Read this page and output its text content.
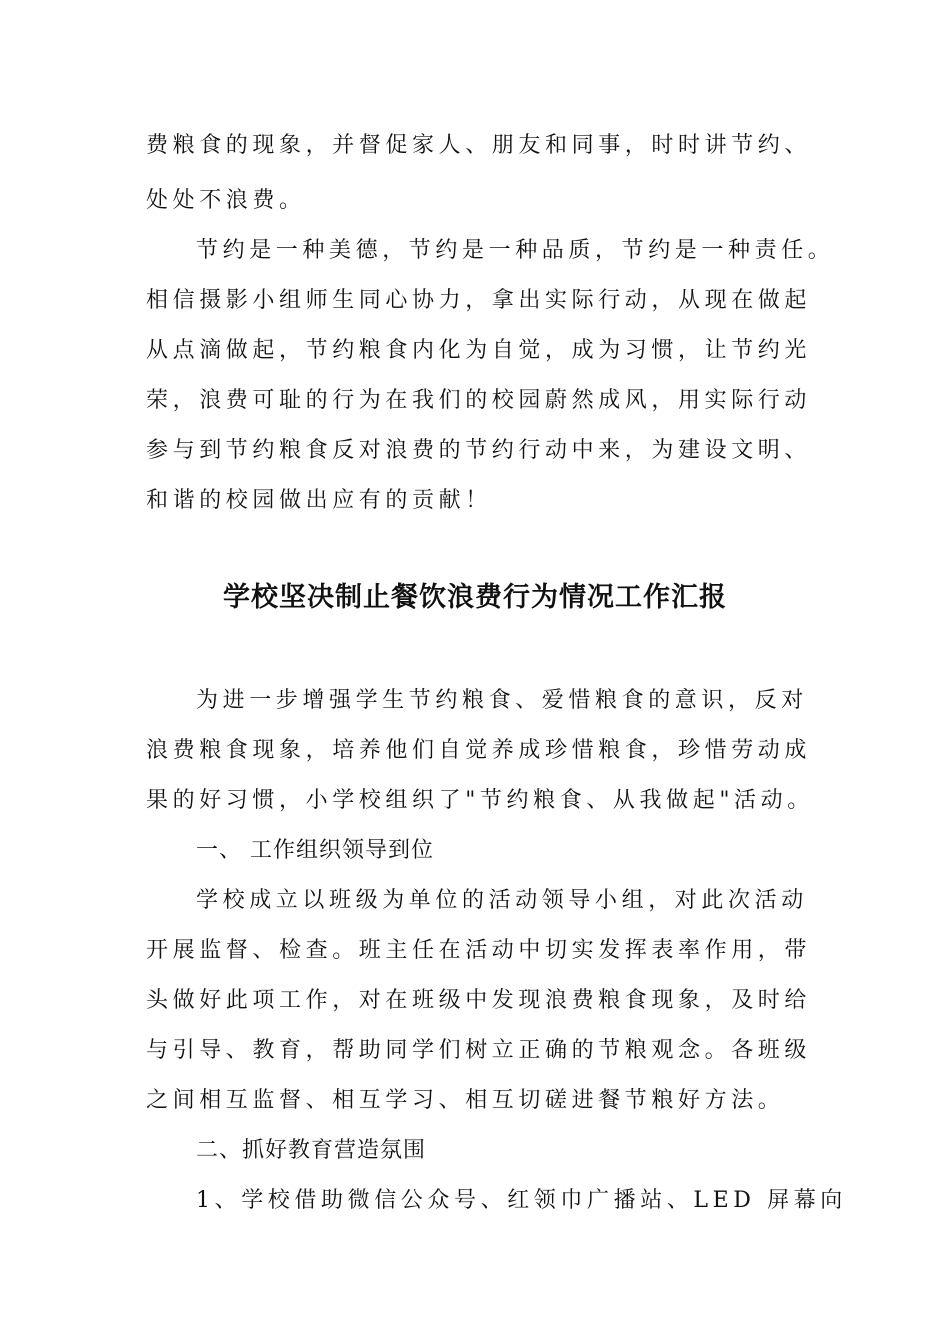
费粮食的现象，并督促家人、朋友和同事，时时讲节约、
处处不浪费。
节约是一种美德，节约是一种品质，节约是一种责任。
相信摄影小组师生同心协力，拿出实际行动，从现在做起
从点滴做起，节约粮食内化为自觉，成为习惯，让节约光
荣，浪费可耻的行为在我们的校园蔚然成风，用实际行动
参与到节约粮食反对浪费的节约行动中来，为建设文明、
和谐的校园做出应有的贡献！
学校坚决制止餐饮浪费行为情况工作汇报
为进一步增强学生节约粮食、爱惜粮食的意识，反对
浪费粮食现象，培养他们自觉养成珍惜粮食，珍惜劳动成
果的好习惯，小学校组织了"节约粮食、从我做起"活动。
一、 工作组织领导到位
学校成立以班级为单位的活动领导小组，对此次活动
开展监督、检查。班主任在活动中切实发挥表率作用，带
头做好此项工作，对在班级中发现浪费粮食现象，及时给
与引导、教育，帮助同学们树立正确的节粮观念。各班级
之间相互监督、相互学习、相互切磋进餐节粮好方法。
二、抓好教育营造氛围
1、学校借助微信公众号、红领巾广播站、LED 屏幕向
